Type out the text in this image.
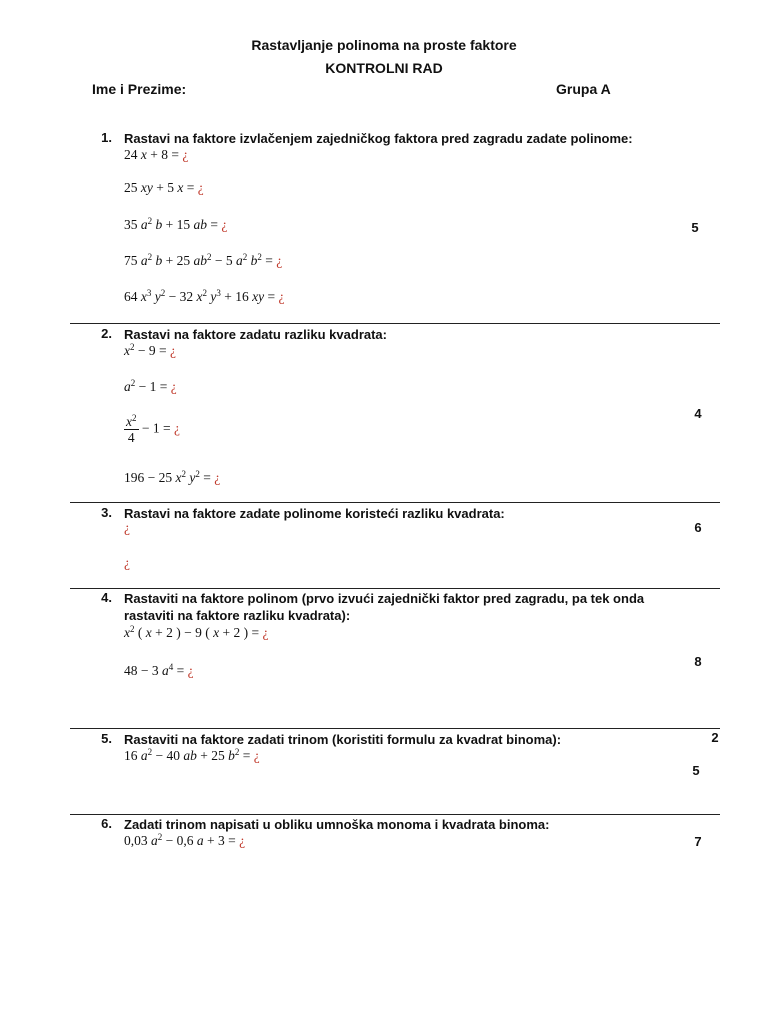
Rastavljanje polinoma na proste faktore
KONTROLNI RAD
Ime i Prezime:	Grupa A
1. Rastavi na faktore izvlačenjem zajedničkog faktora pred zagradu zadate polinome:
24 x + 8 = ¿
25 xy + 5 x = ¿
35 $a^2$ b + 15 ab = ¿
75 $a^2$ b + 25 $ab^2 - 5$ $a^2$ $b^2$ = ¿
64 $x^3$ $y^2 - 32$ $x^2$ $y^3 + 16$ xy = ¿
5
2. Rastavi na faktore zadatu razliku kvadrata:
$x^2 - 9$ = ¿
$a^2 - 1$ = ¿
$\frac{x^2}{4} - 1$ = ¿
196 − 25 $x^2$ $y^2$ = ¿
4
3. Rastavi na faktore zadate polinome koristeći razliku kvadrata:
¿
¿
6
4. Rastaviti na faktore polinom (prvo izvući zajednički faktor pred zagradu, pa tek onda rastaviti na faktore razliku kvadrata):
$x^2$ ( x + 2 ) − 9 ( x + 2 ) = ¿
48 − 3 $a^4$ = ¿
8
5. Rastaviti na faktore zadati trinom (koristiti formulu za kvadrat binoma):
16 $a^2 - 40$ ab + 25 $b^2$ = ¿
2
5
6. Zadati trinom napisati u obliku umnoška monoma i kvadrata binoma:
0,03 $a^2 - 0,6$ a + 3 = ¿	7
